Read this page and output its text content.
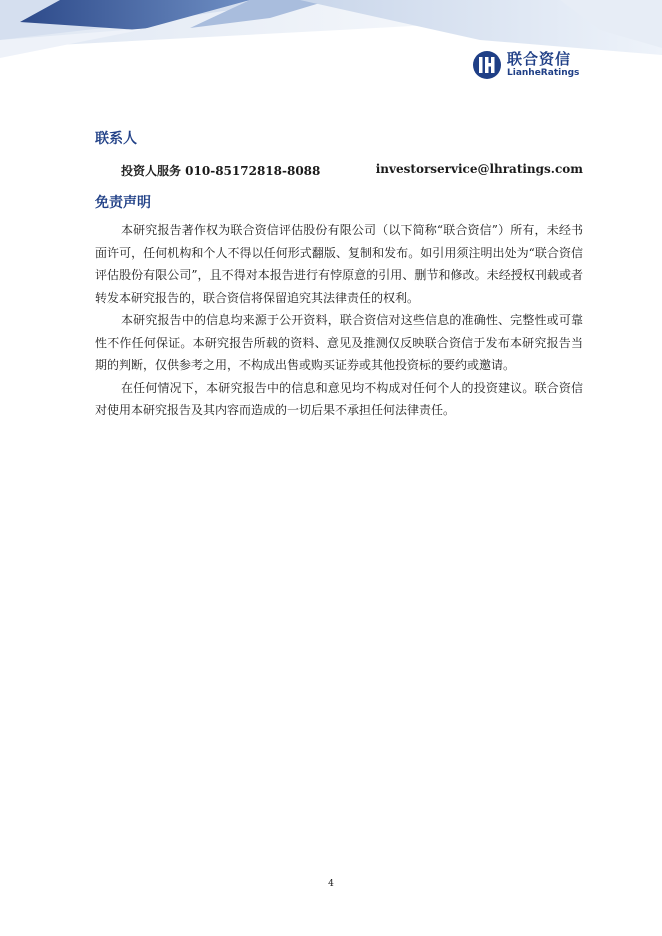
联合资信
LianheRatings
联系人
投资人服务 010-85172818-8088	investorservice@lhratings.com
免责声明

本研究报告著作权为联合资信评估股份有限公司（以下简称“联合资信”）所有，未经书面许可，任何机构和个人不得以任何形式翻版、复制和发布。如引用须注明出处为“联合资信评估股份有限公司”，且不得对本报告进行有悖原意的引用、删节和修改。未经授权刊载或者转发本研究报告的，联合资信将保留追究其法律责任的权利。

本研究报告中的信息均来源于公开资料，联合资信对这些信息的准确性、完整性或可靠性不作任何保证。本研究报告所载的资料、意见及推测仅反映联合资信于发布本研究报告当期的判断，仅供参考之用，不构成出售或购买证券或其他投资标的要约或邀请。

在任何情况下，本研究报告中的信息和意见均不构成对任何个人的投资建议。联合资信对使用本研究报告及其内容而造成的一切后果不承担任何法律责任。

4
